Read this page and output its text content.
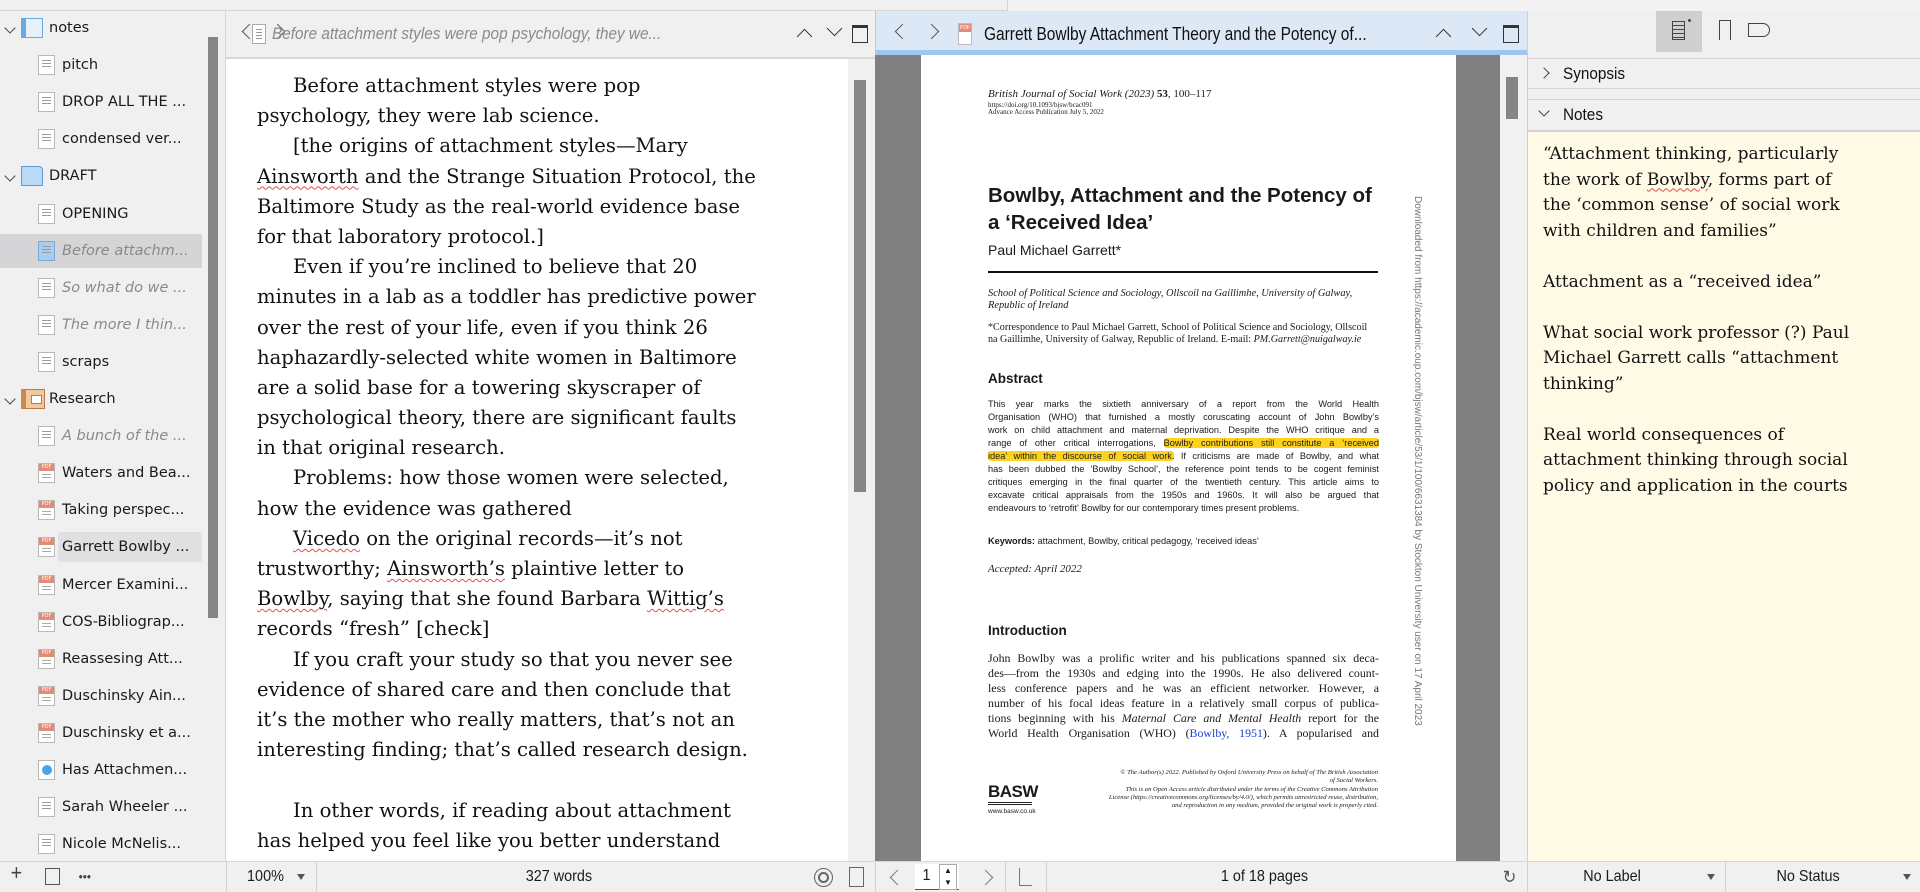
notes
pitch
DROP ALL THE ...
condensed ver...
DRAFT
OPENING
Before attachm...
So what do we ...
The more I thin...
scraps
Research
A bunch of the ...
PDF
Waters and Bea...
PDF
Taking perspec...
PDF
Garrett Bowlby ...
PDF
Mercer Examini...
PDF
COS-Bibliograp...
PDF
Reassesing Att...
PDF
Duschinsky Ain...
PDF
Duschinsky et a...
Has Attachmen...
Sarah Wheeler ...
Nicole McNelis...
Before attachment styles were pop psychology, they we...
Before attachment styles were pop
psychology, they were lab science.
[the origins of attachment styles—Mary
Ainsworth and the Strange Situation Protocol, the
Baltimore Study as the real-world evidence base
for that laboratory protocol.]
Even if you’re inclined to believe that 20
minutes in a lab as a toddler has predictive power
over the rest of your life, even if you think 26
haphazardly-selected white women in Baltimore
are a solid base for a towering skyscraper of
psychological theory, there are significant faults
in that original research.
Problems: how those women were selected,
how the evidence was gathered
Vicedo on the original records—it’s not
trustworthy; Ainsworth’s plaintive letter to
Bowlby, saying that she found Barbara Wittig’s
records “fresh” [check]
If you craft your study so that you never see
evidence of shared care and then conclude that
it’s the mother who really matters, that’s not an
interesting finding; that’s called research design.
In other words, if reading about attachment
has helped you feel like you better understand
PDF
Garrett Bowlby Attachment Theory and the Potency of...
British Journal of Social Work (2023) 53, 100–117
https://doi.org/10.1093/bjsw/bcac091
Advance Access Publication July 5, 2022
Bowlby, Attachment and the Potency of
a ‘Received Idea’
Paul Michael Garrett*
School of Political Science and Sociology, Ollscoil na Gaillimhe, University of Galway,
Republic of Ireland
*Correspondence to Paul Michael Garrett, School of Political Science and Sociology, Ollscoil
na Gaillimhe, University of Galway, Republic of Ireland. E-mail: PM.Garrett@nuigalway.ie
Abstract
This year marks the sixtieth anniversary of a report from the World Health
Organisation (WHO) that furnished a mostly coruscating account of John Bowlby’s
work on child attachment and maternal deprivation. Despite the WHO critique and a
range of other critical interrogations, Bowlby contributions still constitute a ‘received
idea’ within the discourse of social work. If criticisms are made of Bowlby, and what
has been dubbed the ‘Bowlby School’, the reference point tends to be cogent feminist
critiques emerging in the final quarter of the twentieth century. This article aims to
excavate critical appraisals from the 1950s and 1960s. It will also be argued that
endeavours to ‘retrofit’ Bowlby for our contemporary times present problems.
Keywords: attachment, Bowlby, critical pedagogy, ‘received ideas’
Accepted: April 2022
Introduction
John Bowlby was a prolific writer and his publications spanned six deca-
des—from the 1930s and edging into the 1990s. He also delivered count-
less conference papers and he was an efficient networker. However, a
number of his focal ideas feature in a relatively small corpus of publica-
tions beginning with his Maternal Care and Mental Health report for the
World Health Organisation (WHO) (Bowlby, 1951). A popularised and
BASW
www.basw.co.uk
© The Author(s) 2022. Published by Oxford University Press on behalf of The British Association
of Social Workers.
This is an Open Access article distributed under the terms of the Creative Commons Attribution
License (https://creativecommons.org/licenses/by/4.0/), which permits unrestricted reuse, distribution,
and reproduction in any medium, provided the original work is properly cited.
Downloaded from https://academic.oup.com/bjsw/article/53/1/100/6631384 by Stockton University user on 17 April 2023
Synopsis
Notes
“Attachment thinking, particularly
the work of Bowlby, forms part of
the ‘common sense’ of social work
with children and families”
Attachment as a “received idea”
What social work professor (?) Paul
Michael Garrett calls “attachment
thinking”
Real world consequences of
attachment thinking through social
policy and application in the courts
+	•••	100%	327 words	1	▲
▼	1 of 18 pages	↻	No Label	No Status
